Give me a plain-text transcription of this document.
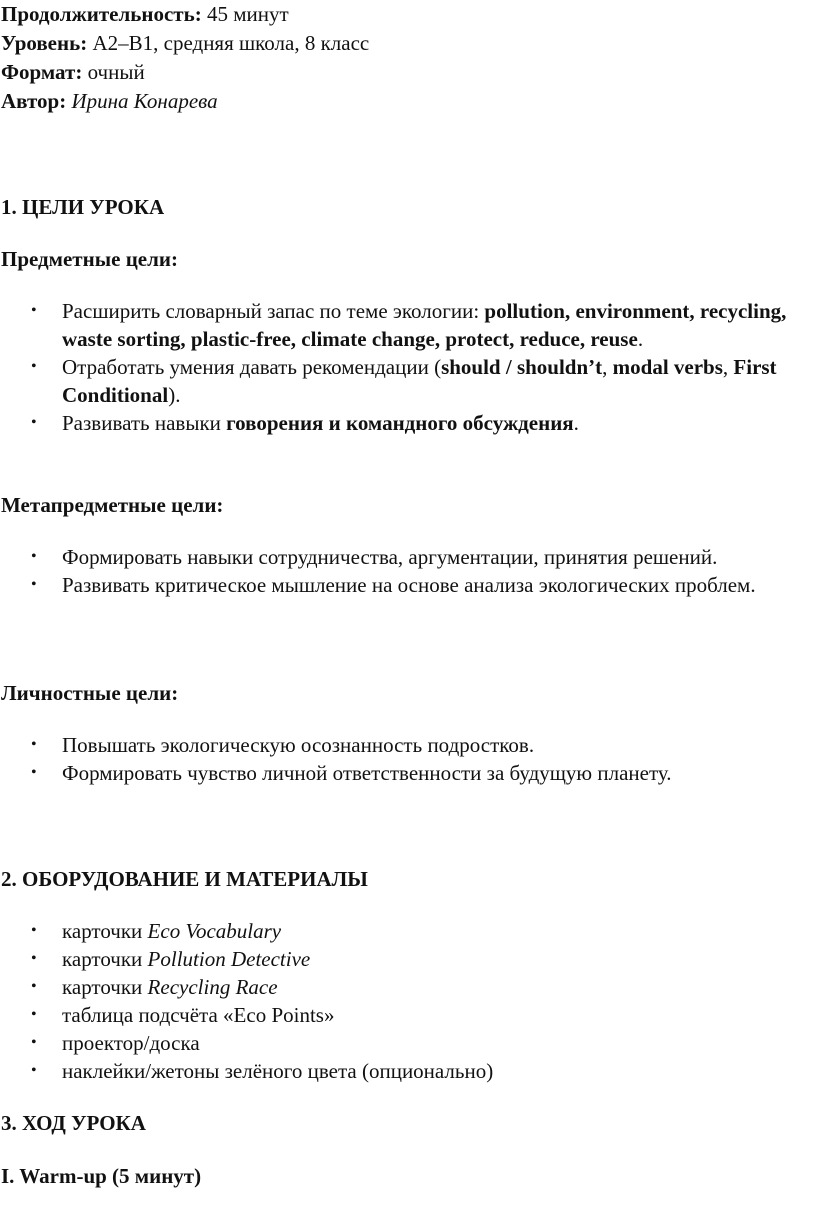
Продолжительность: 45 минут

Уровень: A2–B1, средняя школа, 8 класс

Формат: очный

Автор: Ирина Конарева

1. ЦЕЛИ УРОКА

Предметные цели:

•	Расширить словарный запас по теме экологии: pollution, environment, recycling, waste sorting, plastic-free, climate change, protect, reduce, reuse.
•	Отработать умения давать рекомендации (should / shouldn’t, modal verbs, First Conditional).
•	Развивать навыки говорения и командного обсуждения.

Метапредметные цели:

•	Формировать навыки сотрудничества, аргументации, принятия решений.
•	Развивать критическое мышление на основе анализа экологических проблем.

Личностные цели:

•	Повышать экологическую осознанность подростков.
•	Формировать чувство личной ответственности за будущую планету.

2. ОБОРУДОВАНИЕ И МАТЕРИАЛЫ

•	карточки Eco Vocabulary
•	карточки Pollution Detective
•	карточки Recycling Race
•	таблица подсчёта «Eco Points»
•	проектор/доска
•	наклейки/жетоны зелёного цвета (опционально)

3. ХОД УРОКА

I. Warm-up (5 минут)
